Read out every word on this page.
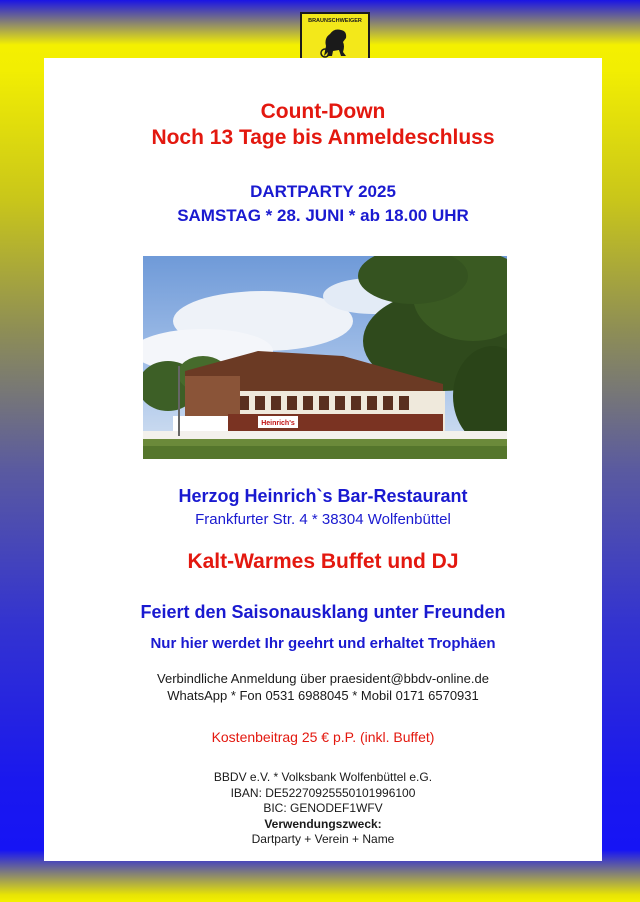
BRAUNSCHWEIGER
Count-Down
Noch 13 Tage bis Anmeldeschluss
DARTPARTY 2025
SAMSTAG * 28. JUNI * ab 18.00 UHR
Heinrich's
Herzog Heinrich`s Bar-Restaurant
Frankfurter Str. 4 * 38304 Wolfenbüttel
Kalt-Warmes Buffet und DJ
Feiert den Saisonausklang unter Freunden
Nur hier werdet Ihr geehrt und erhaltet Trophäen
Verbindliche Anmeldung über praesident@bbdv-online.de
WhatsApp * Fon 0531 6988045 * Mobil 0171 6570931
Kostenbeitrag 25 € p.P. (inkl. Buffet)
BBDV e.V. * Volksbank Wolfenbüttel e.G.
IBAN: DE52270925550101996100
BIC: GENODEF1WFV
Verwendungszweck:
Dartparty + Verein + Name
